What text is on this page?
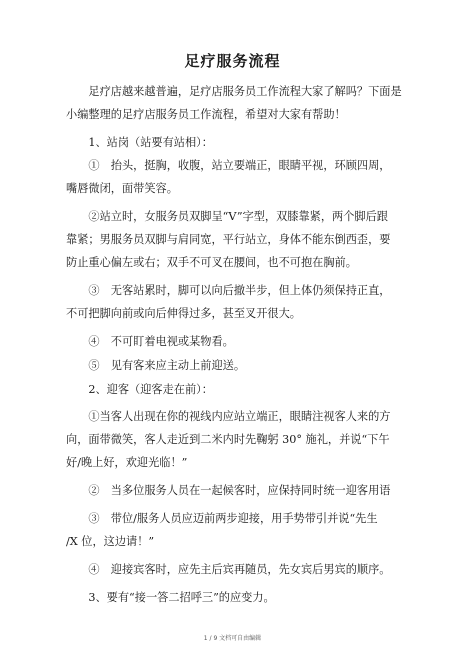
足疗服务流程

　　足疗店越来越普遍，足疗店服务员工作流程大家了解吗？下面是

小编整理的足疗店服务员工作流程，希望对大家有帮助！

　　1、站岗（站要有站相）：

　　①　抬头，挺胸，收腹，站立要端正，眼睛平视，环顾四周，

嘴唇微闭，面带笑容。

　　②站立时，女服务员双脚呈“V”字型，双膝靠紧，两个脚后跟

靠紧；男服务员双脚与肩同宽，平行站立，身体不能东倒西歪，要

防止重心偏左或右；双手不可叉在腰间，也不可抱在胸前。

　　③　无客站累时，脚可以向后撤半步，但上体仍须保持正直，

不可把脚向前或向后伸得过多，甚至叉开很大。

　　④　不可盯着电视或某物看。

　　⑤　见有客来应主动上前迎送。

　　2、迎客（迎客走在前）：

　　①当客人出现在你的视线内应站立端正，眼睛注视客人来的方

向，面带微笑，客人走近到二米内时先鞠躬 30° 施礼，并说“下午

好/晚上好，欢迎光临！”

　　②　当多位服务人员在一起候客时，应保持同时统一迎客用语

　　③　带位/服务人员应迈前两步迎接，用手势带引并说“先生

/X 位，这边请！”

　　④　迎接宾客时，应先主后宾再随员，先女宾后男宾的顺序。

　　3、要有“接一答二招呼三”的应变力。

1 / 9 文档可自由编辑
